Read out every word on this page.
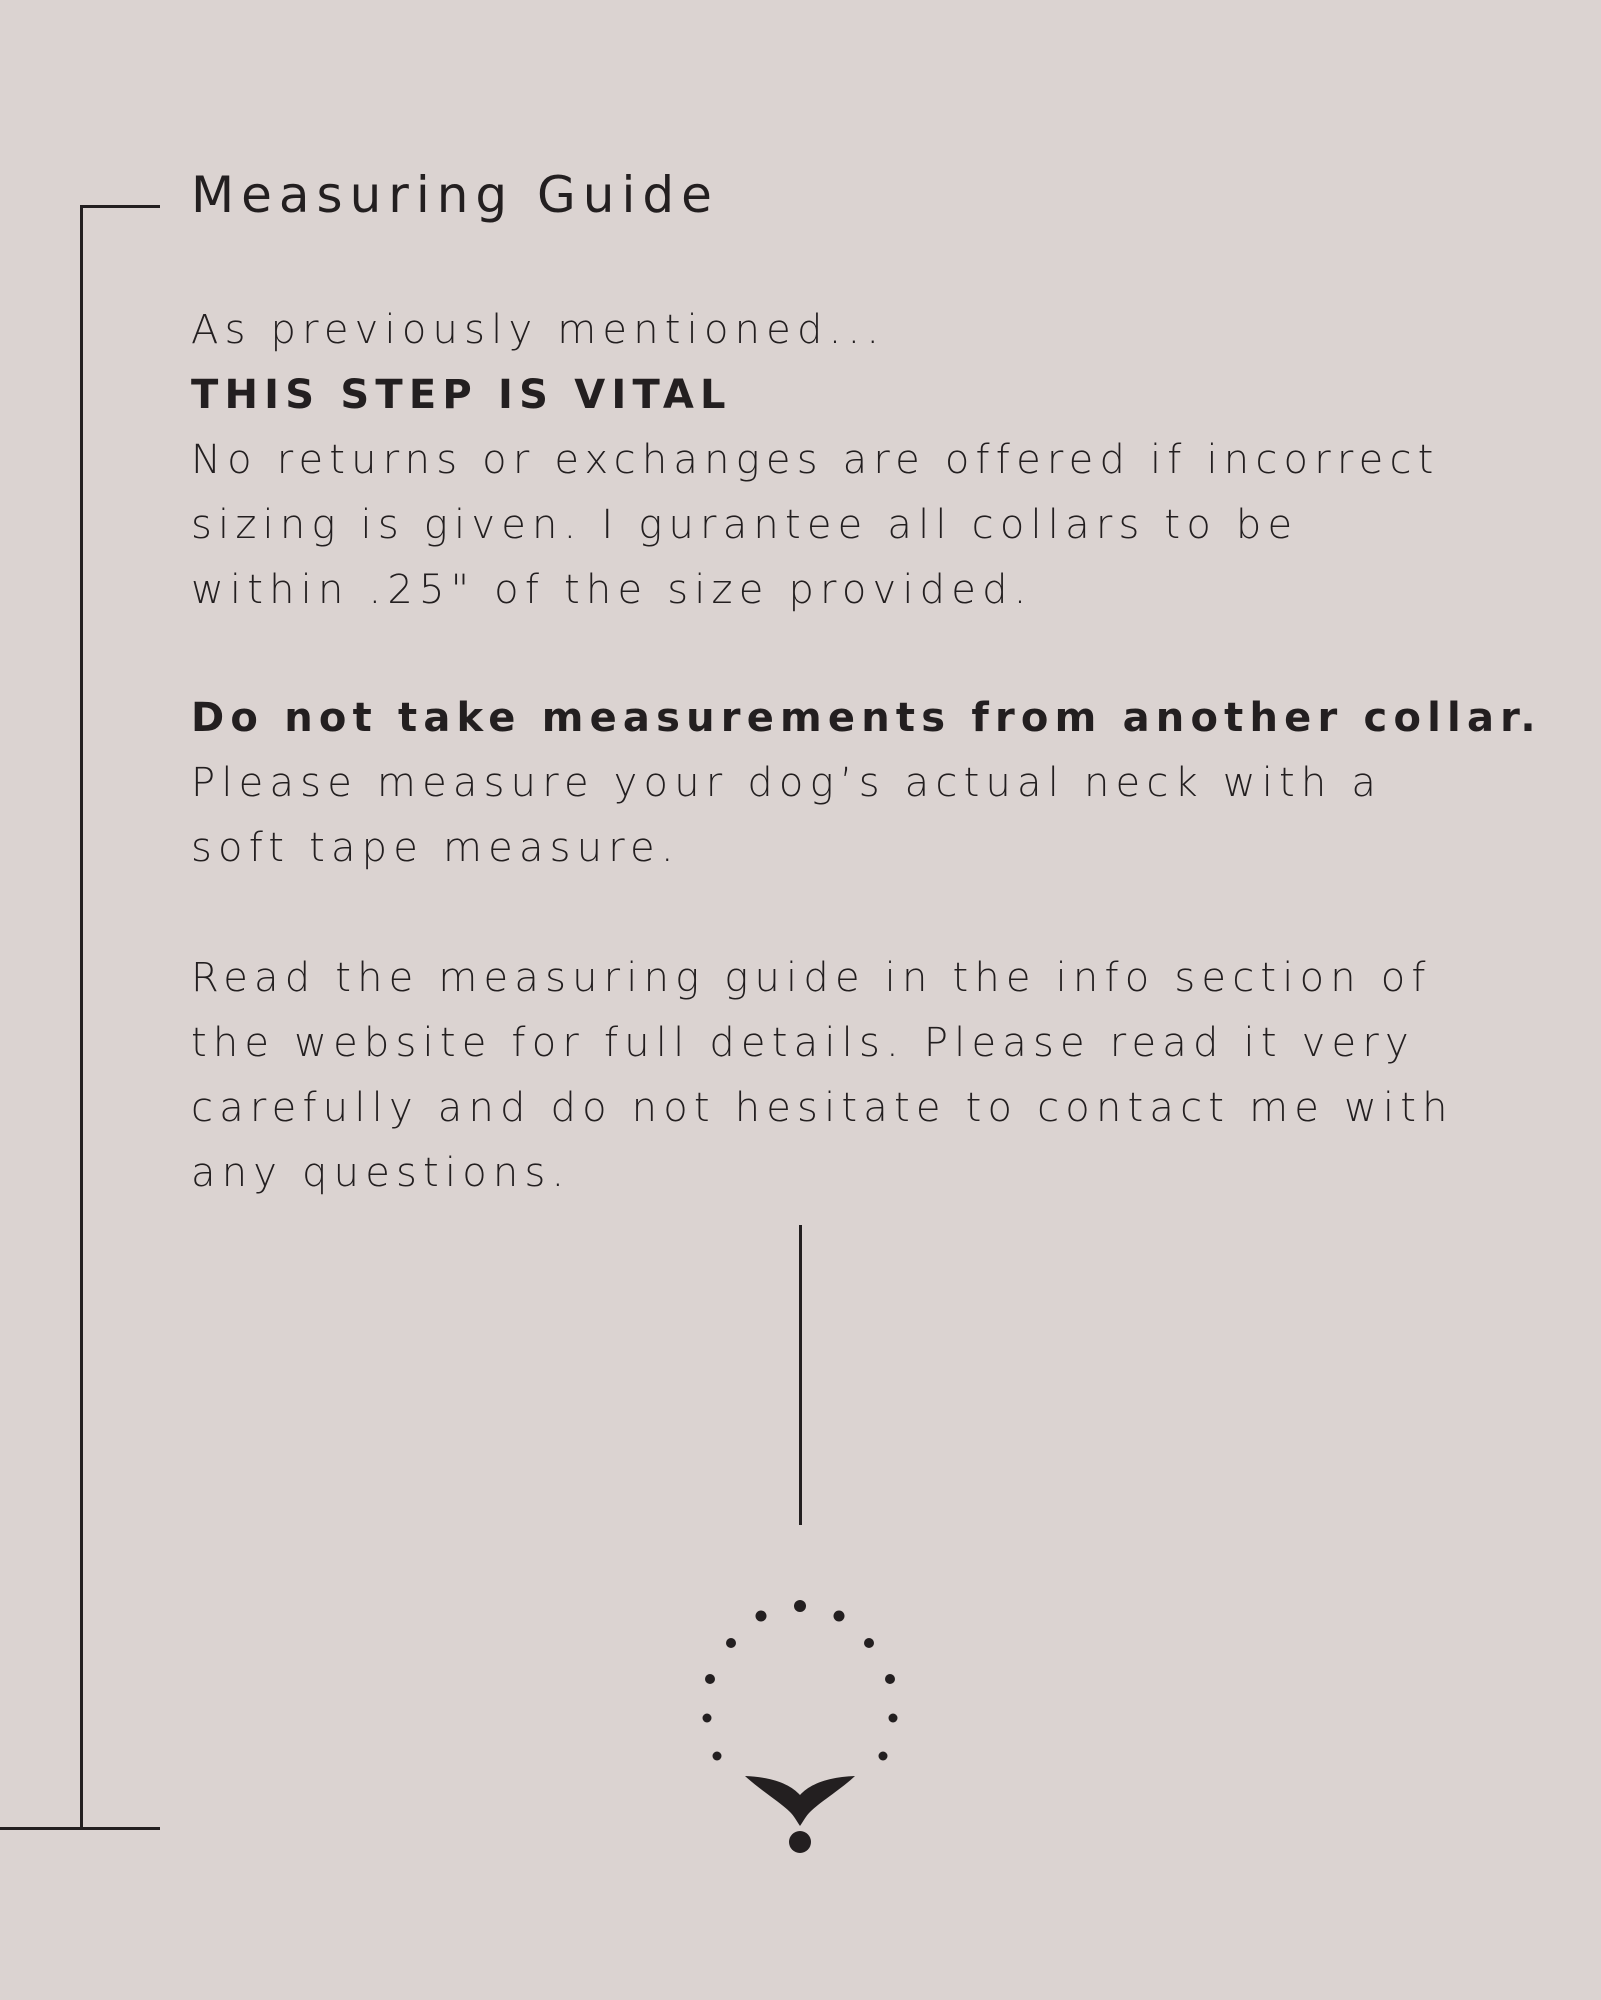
Measuring Guide

As previously mentioned...

THIS STEP IS VITAL

No returns or exchanges are offered if incorrect

sizing is given. I gurantee all collars to be

within .25" of the size provided.

Do not take measurements from another collar.

Please measure your dog’s actual neck with a

soft tape measure.

Read the measuring guide in the info section of

the website for full details. Please read it very

carefully and do not hesitate to contact me with

any questions.
